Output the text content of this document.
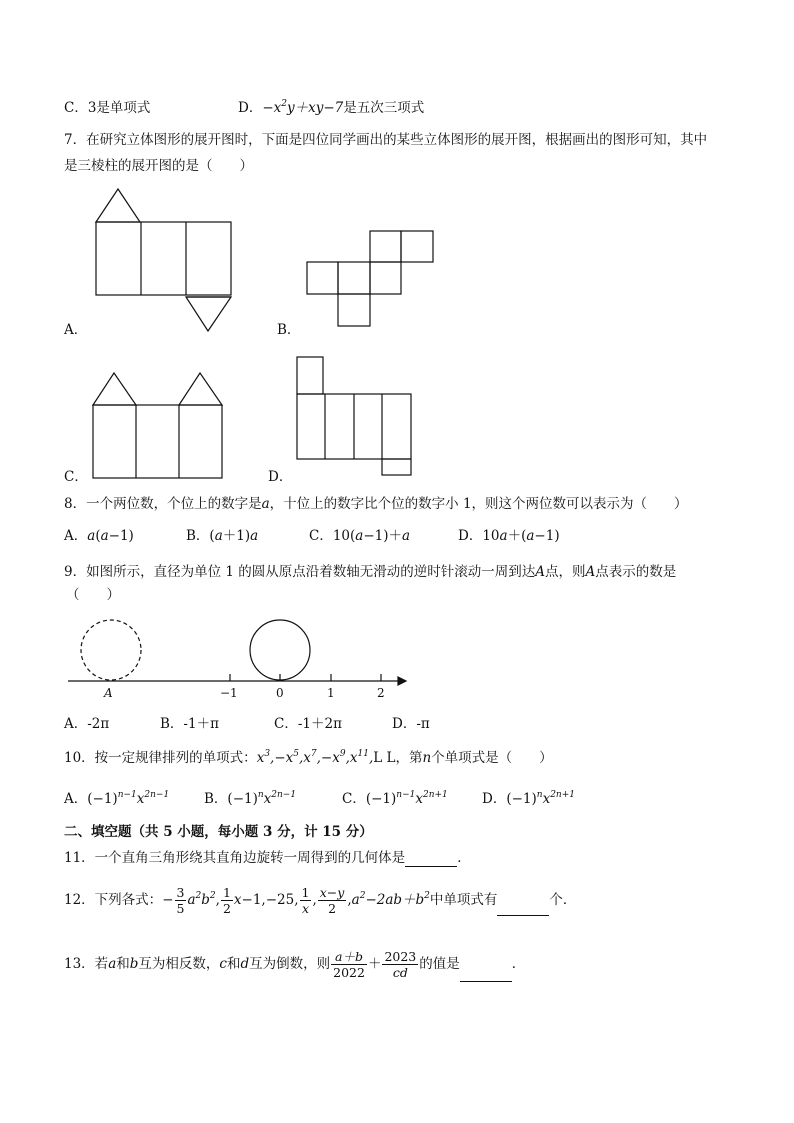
C．3是单项式	D．$-x^2y+xy-7$是五次三项式
7．在研究立体图形的展开图时，下面是四位同学画出的某些立体图形的展开图，根据画出的图形可知，其中
是三棱柱的展开图的是（　　）
A．	B．
C．	D．
8．一个两位数，个位上的数字是a，十位上的数字比个位的数字小 1，则这个两位数可以表示为（　　）
A．a(a−1)	B．(a＋1)a	C．10(a−1)＋a	D．10a＋(a−1)
9．如图所示，直径为单位 1 的圆从原点沿着数轴无滑动的逆时针滚动一周到达A点，则A点表示的数是
（　　）
A	−1	0	1	2
A．-2π	B．-1＋π	C．-1＋2π	D．-π
10．按一定规律排列的单项式：$x^3,-x^5,x^7,-x^9,x^{11},L$ L，第n个单项式是（　　）
A．$(-1)^{n-1}x^{2n-1}$	B．$(-1)^nx^{2n-1}$	C．$(-1)^{n-1}x^{2n+1}$	D．$(-1)^nx^{2n+1}$
二、填空题（共 5 小题，每小题 3 分，计 15 分）
11．一个直角三角形绕其直角边旋转一周得到的几何体是	．
12．下列各式：− $\frac{3}{5} a^2b^2$, $\frac{1}{2} x-1,-25$, $\frac{1}{x}$ , $\frac{x-y}{2} ,a^2-2ab+b^2$中单项式有	个．
13．若a和b互为相反数，c和d互为倒数，则 $\frac{a+b}{2022} + \frac{2023}{cd}$ 的值是	．
